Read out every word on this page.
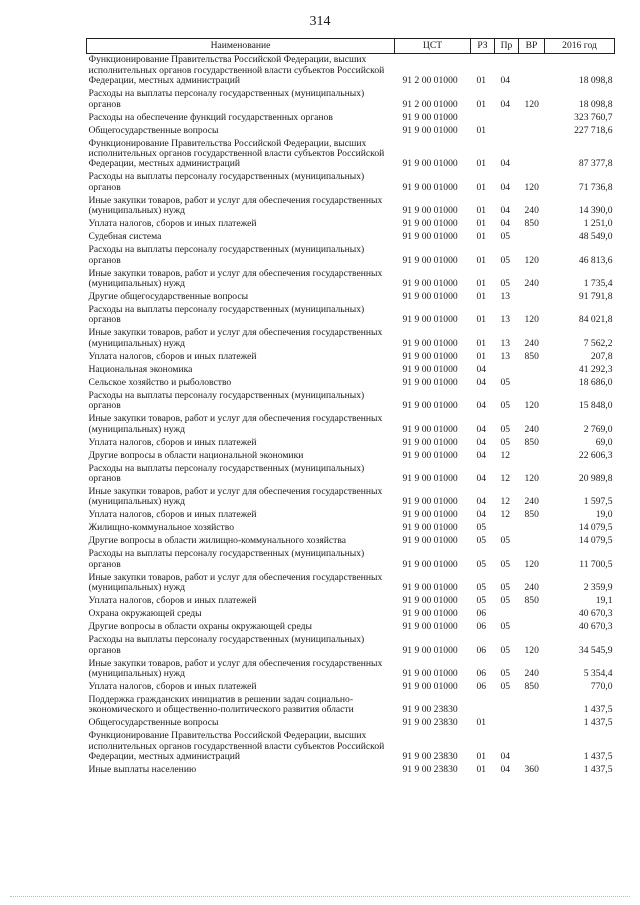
314
Наименование	ЦСТ	РЗ	Пр	ВР	2016 год
Функционирование Правительства Российской Федерации, высших исполнительных органов государственной власти субъектов Российской Федерации, местных администраций	91 2 00 01000	01	04		18 098,8
Расходы на выплаты персоналу государственных (муниципальных) органов	91 2 00 01000	01	04	120	18 098,8
Расходы на обеспечение функций государственных органов	91 9 00 01000				323 760,7
Общегосударственные вопросы	91 9 00 01000	01			227 718,6
Функционирование Правительства Российской Федерации, высших исполнительных органов государственной власти субъектов Российской Федерации, местных администраций	91 9 00 01000	01	04		87 377,8
Расходы на выплаты персоналу государственных (муниципальных) органов	91 9 00 01000	01	04	120	71 736,8
Иные закупки товаров, работ и услуг для обеспечения государственных (муниципальных) нужд	91 9 00 01000	01	04	240	14 390,0
Уплата налогов, сборов и иных платежей	91 9 00 01000	01	04	850	1 251,0
Судебная система	91 9 00 01000	01	05		48 549,0
Расходы на выплаты персоналу государственных (муниципальных) органов	91 9 00 01000	01	05	120	46 813,6
Иные закупки товаров, работ и услуг для обеспечения государственных (муниципальных) нужд	91 9 00 01000	01	05	240	1 735,4
Другие общегосударственные вопросы	91 9 00 01000	01	13		91 791,8
Расходы на выплаты персоналу государственных (муниципальных) органов	91 9 00 01000	01	13	120	84 021,8
Иные закупки товаров, работ и услуг для обеспечения государственных (муниципальных) нужд	91 9 00 01000	01	13	240	7 562,2
Уплата налогов, сборов и иных платежей	91 9 00 01000	01	13	850	207,8
Национальная экономика	91 9 00 01000	04			41 292,3
Сельское хозяйство и рыболовство	91 9 00 01000	04	05		18 686,0
Расходы на выплаты персоналу государственных (муниципальных) органов	91 9 00 01000	04	05	120	15 848,0
Иные закупки товаров, работ и услуг для обеспечения государственных (муниципальных) нужд	91 9 00 01000	04	05	240	2 769,0
Уплата налогов, сборов и иных платежей	91 9 00 01000	04	05	850	69,0
Другие вопросы в области национальной экономики	91 9 00 01000	04	12		22 606,3
Расходы на выплаты персоналу государственных (муниципальных) органов	91 9 00 01000	04	12	120	20 989,8
Иные закупки товаров, работ и услуг для обеспечения государственных (муниципальных) нужд	91 9 00 01000	04	12	240	1 597,5
Уплата налогов, сборов и иных платежей	91 9 00 01000	04	12	850	19,0
Жилищно-коммунальное хозяйство	91 9 00 01000	05			14 079,5
Другие вопросы в области жилищно-коммунального хозяйства	91 9 00 01000	05	05		14 079,5
Расходы на выплаты персоналу государственных (муниципальных) органов	91 9 00 01000	05	05	120	11 700,5
Иные закупки товаров, работ и услуг для обеспечения государственных (муниципальных) нужд	91 9 00 01000	05	05	240	2 359,9
Уплата налогов, сборов и иных платежей	91 9 00 01000	05	05	850	19,1
Охрана окружающей среды	91 9 00 01000	06			40 670,3
Другие вопросы в области охраны окружающей среды	91 9 00 01000	06	05		40 670,3
Расходы на выплаты персоналу государственных (муниципальных) органов	91 9 00 01000	06	05	120	34 545,9
Иные закупки товаров, работ и услуг для обеспечения государственных (муниципальных) нужд	91 9 00 01000	06	05	240	5 354,4
Уплата налогов, сборов и иных платежей	91 9 00 01000	06	05	850	770,0
Поддержка гражданских инициатив в решении задач социально-экономического и общественно-политического развития области	91 9 00 23830				1 437,5
Общегосударственные вопросы	91 9 00 23830	01			1 437,5
Функционирование Правительства Российской Федерации, высших исполнительных органов государственной власти субъектов Российской Федерации, местных администраций	91 9 00 23830	01	04		1 437,5
Иные выплаты населению	91 9 00 23830	01	04	360	1 437,5
